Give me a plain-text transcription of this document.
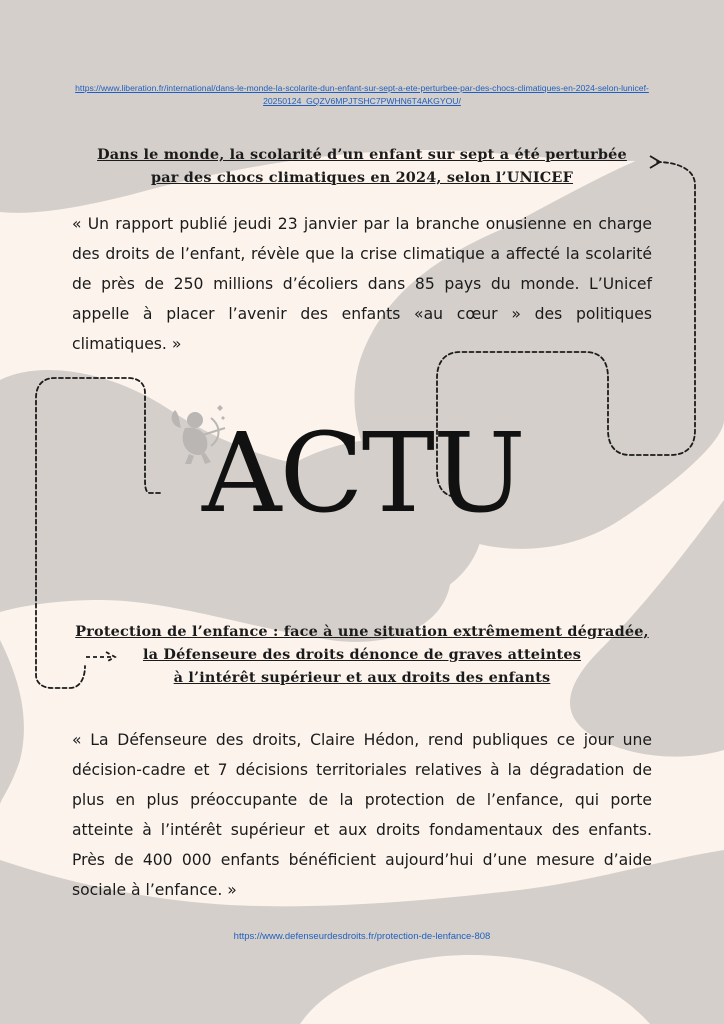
https://www.liberation.fr/international/dans-le-monde-la-scolarite-dun-enfant-sur-sept-a-ete-perturbee-par-des-chocs-climatiques-en-2024-selon-lunicef-20250124_GQZV6MPJTSHC7PWHN6T4AKGYOU/
Dans le monde, la scolarité d’un enfant sur sept a été perturbée
par des chocs climatiques en 2024, selon l’UNICEF
« Un rapport publié jeudi 23 janvier par la branche onusienne en charge des droits de l’enfant, révèle que la crise climatique a affecté la scolarité de près de 250 millions d’écoliers dans 85 pays du monde. L’Unicef appelle à placer l’avenir des enfants «au cœur » des politiques climatiques. »
ACTU
Protection de l’enfance : face à une situation extrêmement dégradée,
la Défenseure des droits dénonce de graves atteintes
à l’intérêt supérieur et aux droits des enfants
« La Défenseure des droits, Claire Hédon, rend publiques ce jour une décision-cadre et 7 décisions territoriales relatives à la dégradation de plus en plus préoccupante de la protection de l’enfance, qui porte atteinte à l’intérêt supérieur et aux droits fondamentaux des enfants. Près de 400 000 enfants bénéficient aujourd’hui d’une mesure d’aide sociale à l’enfance. »
https://www.defenseurdesdroits.fr/protection-de-lenfance-808
